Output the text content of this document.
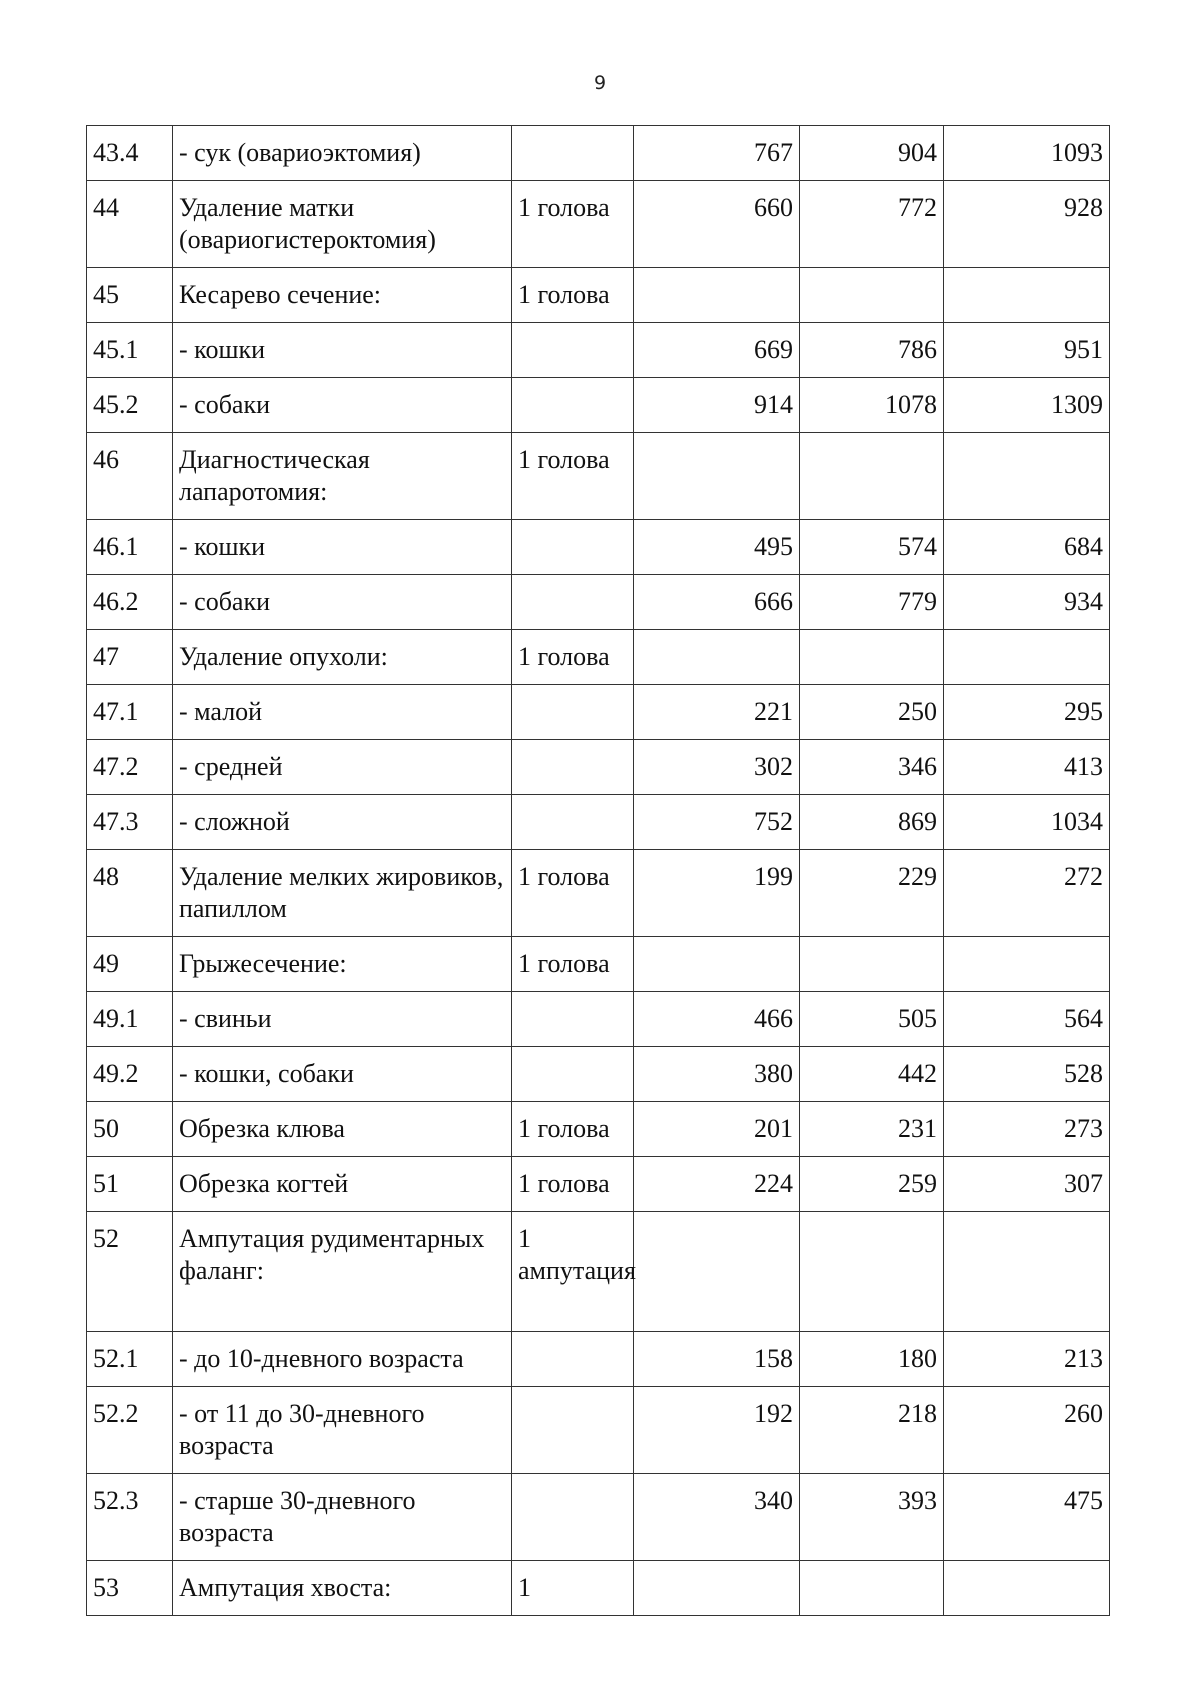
9
43.4	- сук (овариоэктомия)		767	904	1093
44	Удаление матки (овариогистероктомия)	1 голова	660	772	928
45	Кесарево сечение:	1 голова			
45.1	- кошки		669	786	951
45.2	- собаки		914	1078	1309
46	Диагностическая лапаротомия:	1 голова			
46.1	- кошки		495	574	684
46.2	- собаки		666	779	934
47	Удаление опухоли:	1 голова			
47.1	- малой		221	250	295
47.2	- средней		302	346	413
47.3	- сложной		752	869	1034
48	Удаление мелких жировиков, папиллом	1 голова	199	229	272
49	Грыжесечение:	1 голова			
49.1	- свиньи		466	505	564
49.2	- кошки, собаки		380	442	528
50	Обрезка клюва	1 голова	201	231	273
51	Обрезка когтей	1 голова	224	259	307
52	Ампутация рудиментарных фаланг:	1 ампутация			
52.1	- до 10-дневного возраста		158	180	213
52.2	- от 11 до 30-дневного возраста		192	218	260
52.3	- старше 30-дневного возраста		340	393	475
53	Ампутация хвоста:	1			
